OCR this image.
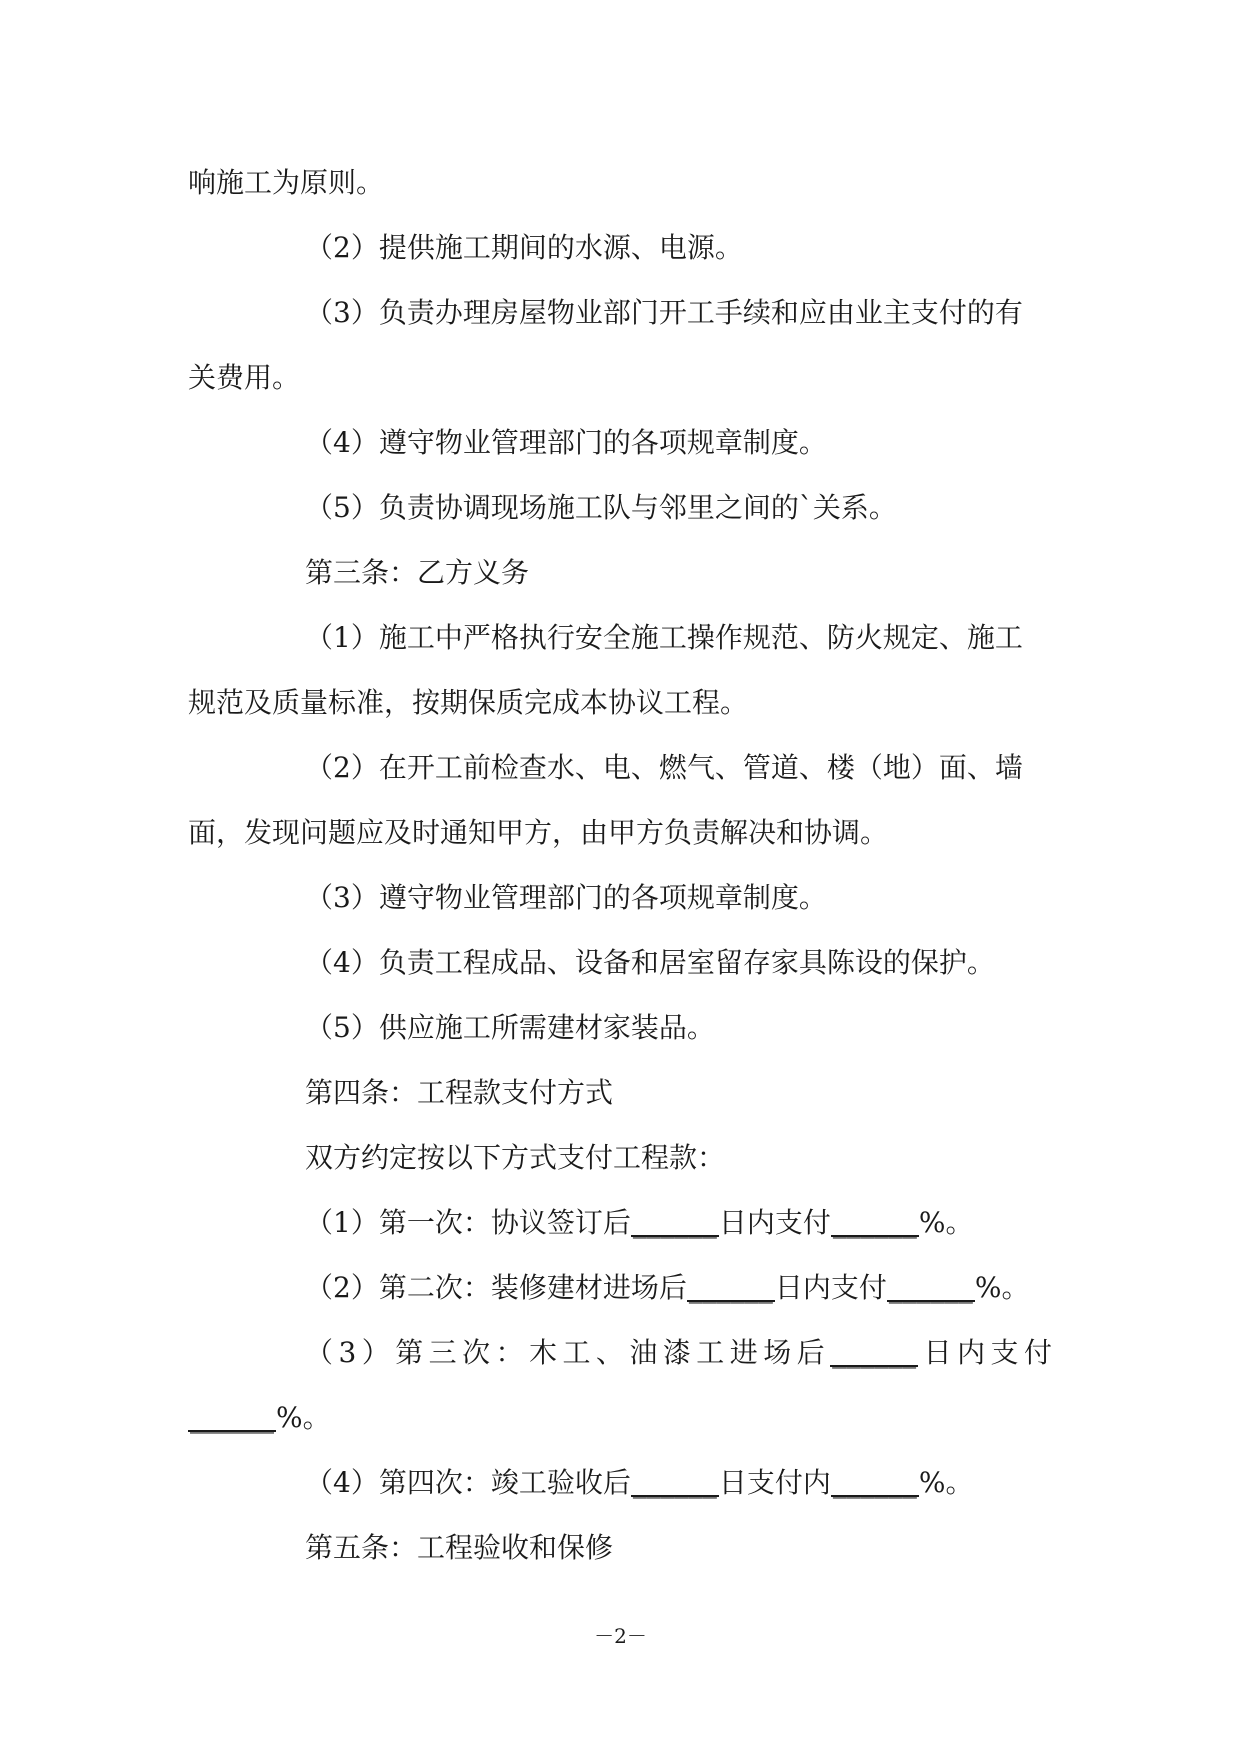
响施工为原则。

（2）提供施工期间的水源、电源。

（3）负责办理房屋物业部门开工手续和应由业主支付的有

关费用。

（4）遵守物业管理部门的各项规章制度。

（5）负责协调现场施工队与邻里之间的`关系。

第三条：乙方义务

（1）施工中严格执行安全施工操作规范、防火规定、施工

规范及质量标准，按期保质完成本协议工程。

（2）在开工前检查水、电、燃气、管道、楼（地）面、墙

面，发现问题应及时通知甲方，由甲方负责解决和协调。

（3）遵守物业管理部门的各项规章制度。

（4）负责工程成品、设备和居室留存家具陈设的保护。

（5）供应施工所需建材家装品。

第四条：工程款支付方式

双方约定按以下方式支付工程款：

（1）第一次：协议签订后______日内支付______%。

（2）第二次：装修建材进场后______日内支付______%。

（3）第三次：木工、油漆工进场后______日内支付

______%。

（4）第四次：竣工验收后______日支付内______%。

第五条：工程验收和保修

－2－
